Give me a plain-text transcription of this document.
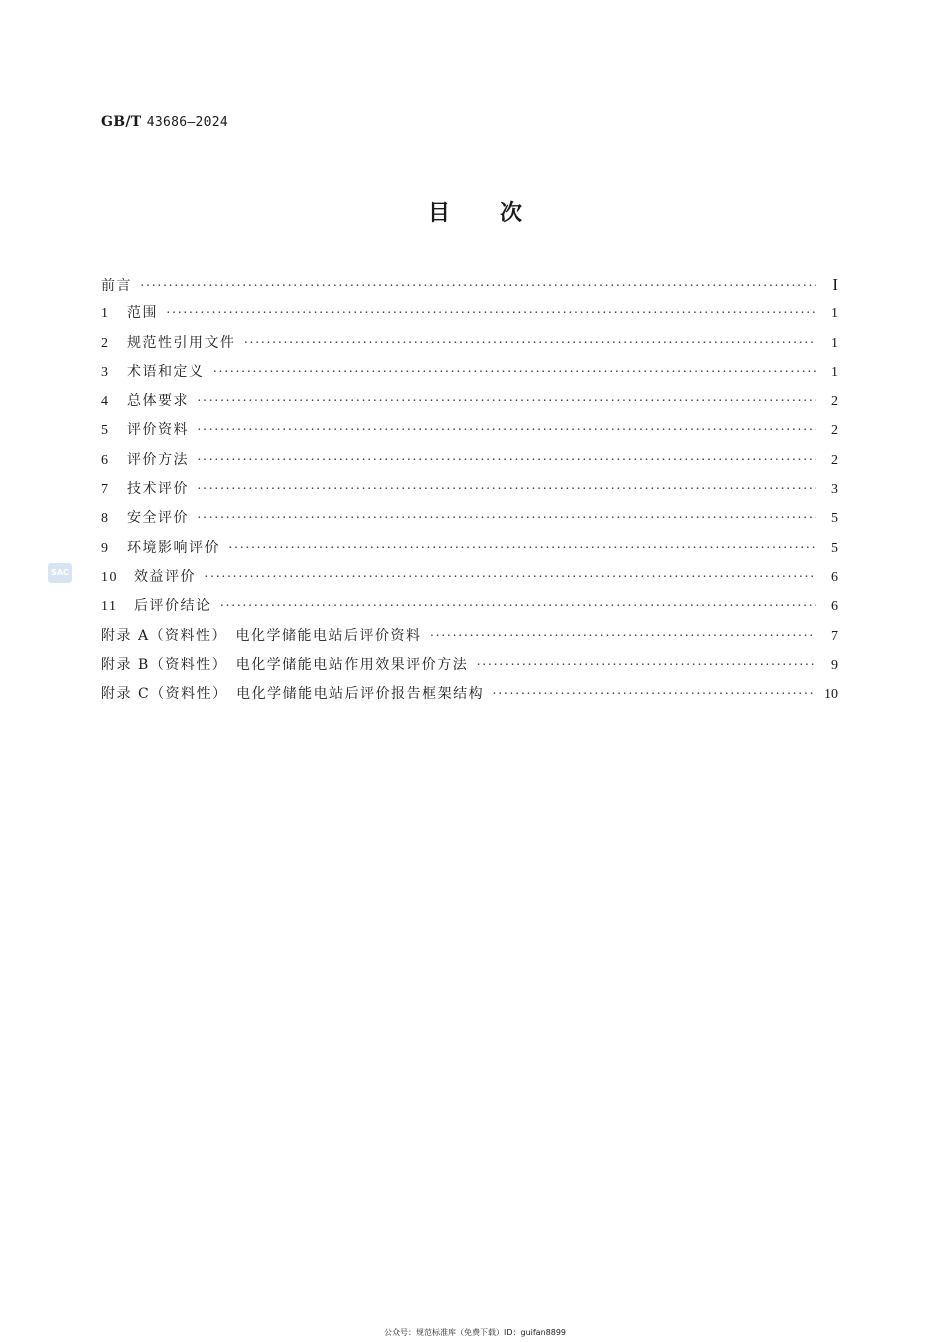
GB/T 43686—2024
目次
前言 ·····	I
1	范围 ·····	1
2	规范性引用文件 ·····	1
3	术语和定义 ·····	1
4	总体要求 ·····	2
5	评价资料 ·····	2
6	评价方法 ·····	2
7	技术评价 ·····	3
8	安全评价 ·····	5
9	环境影响评价 ·····	5
10	效益评价 ·····	6
11	后评价结论 ·····	6
附录 A（资料性）　电化学储能电站后评价资料 ·····	7
附录 B（资料性）　电化学储能电站作用效果评价方法 ·····	9
附录 C（资料性）　电化学储能电站后评价报告框架结构 ·····	10
SAC
公众号：规范标准库（免费下载）ID：guifan8899
